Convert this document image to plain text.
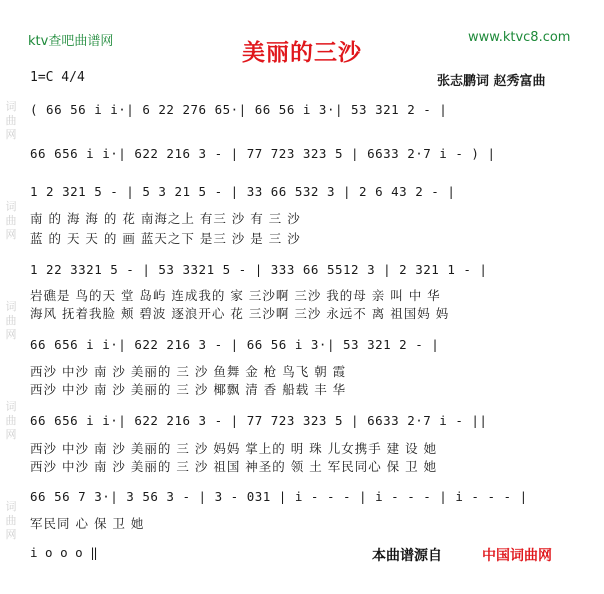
ktv查吧曲谱网	www.ktvc8.com
美丽的三沙
1=C 4/4	张志鹏词 赵秀富曲
词曲网
词曲网
词曲网
词曲网
词曲网
( 66 56 i i·| 6 22 276 65·| 66 56 i 3·| 53 321 2 - |
66 656 i i·| 622 216 3 - | 77 723 323 5 | 6633 2·7 i - ) |
1 2 321 5 - | 5 3 21 5 - | 33 66 532 3 | 2 6 43 2 - |
南 的 海 海 的 花 南海之上 有三 沙 有 三 沙
蓝 的 天 天 的 画 蓝天之下 是三 沙 是 三 沙
1 22 3321 5 - | 53 3321 5 - | 333 66 5512 3 | 2 321 1 - |
岩礁是 鸟的天 堂 岛屿 连成我的 家 三沙啊 三沙 我的母 亲 叫 中 华
海风 抚着我脸 颊 碧波 逐浪开心 花 三沙啊 三沙 永远不 离 祖国妈 妈
66 656 i i·| 622 216 3 - | 66 56 i 3·| 53 321 2 - |
西沙 中沙 南 沙 美丽的 三 沙 鱼舞 金 枪 鸟飞 朝 霞
西沙 中沙 南 沙 美丽的 三 沙 椰飘 清 香 船载 丰 华
66 656 i i·| 622 216 3 - | 77 723 323 5 | 6633 2·7 i - ||
西沙 中沙 南 沙 美丽的 三 沙 妈妈 掌上的 明 珠 儿女携手 建 设 她
西沙 中沙 南 沙 美丽的 三 沙 祖国 神圣的 领 土 军民同心 保 卫 她
66 56 7 3·| 3 56 3 - | 3 - 031 | i - - - | i - - - | i - - - |
军民同 心 保 卫 她
i o o o ‖	本曲谱源自	中国词曲网
